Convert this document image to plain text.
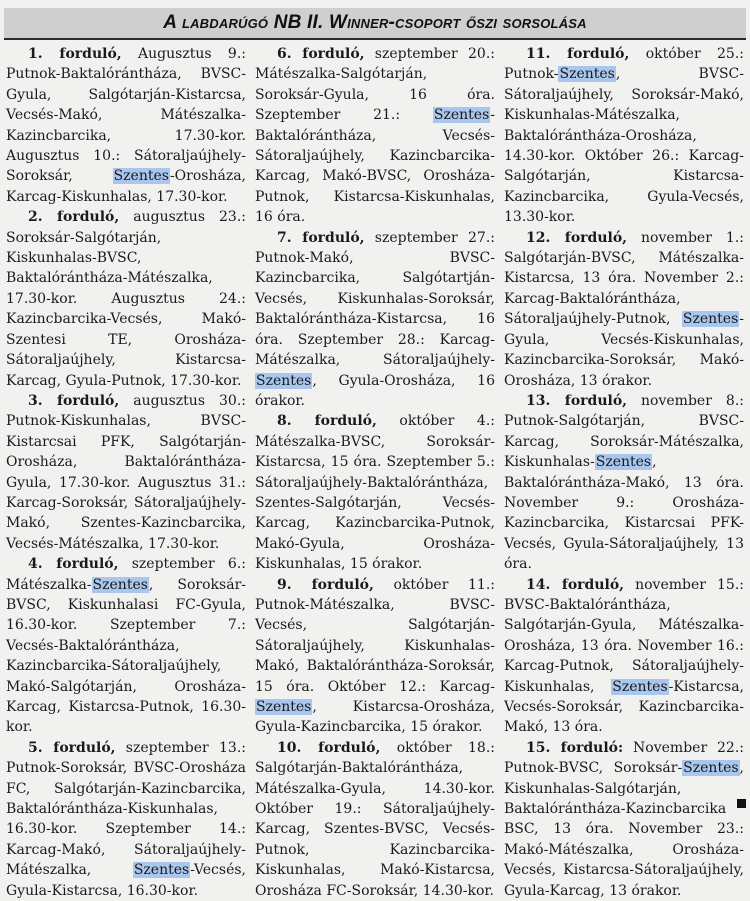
A labdarúgó NB II. Winner-csoport őszi sorsolása

1. forduló, Augusztus 9.: Putnok-Baktalórántháza, BVSC-Gyula, Salgótarján-Kistarcsa, Vecsés-Makó, Mátészalka-Kazincbarcika, 17.30-kor. Augusztus 10.: Sátoraljaújhely-Soroksár, Szentes-Orosháza, Karcag-Kiskunhalas, 17.30-kor.

2. forduló, augusztus 23.: Soroksár-Salgótarján, Kiskunhalas-BVSC, Baktalórántháza-Mátészalka, 17.30-kor. Augusztus 24.: Kazincbarcika-Vecsés, Makó-Szentesi TE, Orosháza-Sátoraljaújhely, Kistarcsa-Karcag, Gyula-Putnok, 17.30-kor.

3. forduló, augusztus 30.: Putnok-Kiskunhalas, BVSC-Kistarcsai PFK, Salgótarján-Orosháza, Baktalórántháza-Gyula, 17.30-kor. Augusztus 31.: Karcag-Soroksár, Sátoraljaújhely-Makó, Szentes-Kazincbarcika, Vecsés-Mátészalka, 17.30-kor.

4. forduló, szeptember 6.: Mátészalka-Szentes, Soroksár-BVSC, Kiskunhalasi FC-Gyula, 16.30-kor. Szeptember 7.: Vecsés-Baktalórántháza, Kazincbarcika-Sátoraljaújhely, Makó-Salgótarján, Orosháza-Karcag, Kistarcsa-Putnok, 16.30-kor.

5. forduló, szeptember 13.: Putnok-Soroksár, BVSC-Orosháza FC, Salgótarján-Kazincbarcika, Baktalórántháza-Kiskunhalas, 16.30-kor. Szeptember 14.: Karcag-Makó, Sátoraljaújhely-Mátészalka, Szentes-Vecsés, Gyula-Kistarcsa, 16.30-kor.

6. forduló, szeptember 20.: Mátészalka-Salgótarján, Soroksár-Gyula, 16 óra. Szeptember 21.: Szentes-Baktalórántháza, Vecsés-Sátoraljaújhely, Kazincbarcika-Karcag, Makó-BVSC, Orosháza-Putnok, Kistarcsa-Kiskunhalas, 16 óra.

7. forduló, szeptember 27.: Putnok-Makó, BVSC-Kazincbarcika, Salgótartján-Vecsés, Kiskunhalas-Soroksár, Baktalórántháza-Kistarcsa, 16 óra. Szeptember 28.: Karcag-Mátészalka, Sátoraljaújhely-Szentes, Gyula-Orosháza, 16 órakor.

8. forduló, október 4.: Mátészalka-BVSC, Soroksár-Kistarcsa, 15 óra. Szeptember 5.: Sátoraljaújhely-Baktalórántháza, Szentes-Salgótarján, Vecsés-Karcag, Kazincbarcika-Putnok, Makó-Gyula, Orosháza-Kiskunhalas, 15 órakor.

9. forduló, október 11.: Putnok-Mátészalka, BVSC-Vecsés, Salgótarján-Sátoraljaújhely, Kiskunhalas-Makó, Baktalórántháza-Soroksár, 15 óra. Október 12.: Karcag-Szentes, Kistarcsa-Orosháza, Gyula-Kazincbarcika, 15 órakor.

10. forduló, október 18.: Salgótarján-Baktalórántháza, Mátészalka-Gyula, 14.30-kor. Október 19.: Sátoraljaújhely-Karcag, Szentes-BVSC, Vecsés-Putnok, Kazincbarcika-Kiskunhalas, Makó-Kistarcsa, Orosháza FC-Soroksár, 14.30-kor.

11. forduló, október 25.: Putnok-Szentes, BVSC-Sátoraljaújhely, Soroksár-Makó, Kiskunhalas-Mátészalka, Baktalórántháza-Orosháza, 14.30-kor. Október 26.: Karcag-Salgótarján, Kistarcsa-Kazincbarcika, Gyula-Vecsés, 13.30-kor.

12. forduló, november 1.: Salgótarján-BVSC, Mátészalka-Kistarcsa, 13 óra. November 2.: Karcag-Baktalórántháza, Sátoraljaújhely-Putnok, Szentes-Gyula, Vecsés-Kiskunhalas, Kazincbarcika-Soroksár, Makó-Orosháza, 13 órakor.

13. forduló, november 8.: Putnok-Salgótarján, BVSC-Karcag, Soroksár-Mátészalka, Kiskunhalas-Szentes, Baktalórántháza-Makó, 13 óra. November 9.: Orosháza-Kazincbarcika, Kistarcsai PFK-Vecsés, Gyula-Sátoraljaújhely, 13 óra.

14. forduló, november 15.: BVSC-Baktalórántháza, Salgótarján-Gyula, Mátészalka-Orosháza, 13 óra. November 16.: Karcag-Putnok, Sátoraljaújhely-Kiskunhalas, Szentes-Kistarcsa, Vecsés-Soroksár, Kazincbarcika-Makó, 13 óra.

15. forduló: November 22.: Putnok-BVSC, Soroksár-Szentes, Kiskunhalas-Salgótarján, Baktalórántháza-Kazincbarcika BSC, 13 óra. November 23.: Makó-Mátészalka, Orosháza-Vecsés, Kistarcsa-Sátoraljaújhely, Gyula-Karcag, 13 órakor.
